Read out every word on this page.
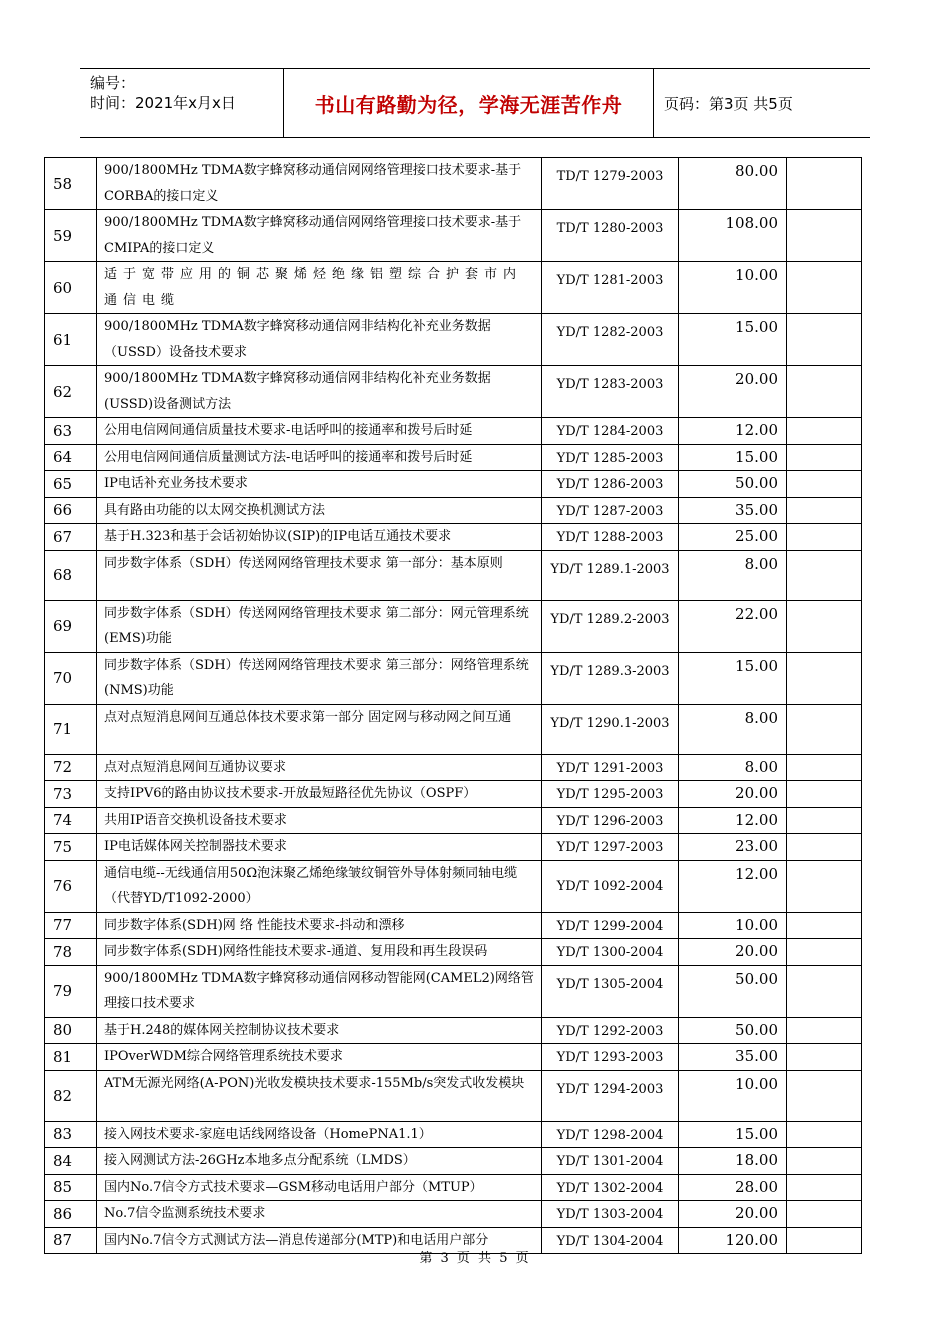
编号：
时间：2021年x月x日	书山有路勤为径，学海无涯苦作舟	页码：第3页 共5页
58	900/1800MHz TDMA数字蜂窝移动通信网网络管理接口技术要求-基于CORBA的接口定义	TD/T 1279-2003	80.00	
59	900/1800MHz TDMA数字蜂窝移动通信网网络管理接口技术要求-基于CMIPA的接口定义	TD/T 1280-2003	108.00	
60	适于宽带应用的铜芯聚烯烃绝缘铝塑综合护套市内通信电缆	YD/T 1281-2003	10.00	
61	900/1800MHz TDMA数字蜂窝移动通信网非结构化补充业务数据（USSD）设备技术要求	YD/T 1282-2003	15.00	
62	900/1800MHz TDMA数字蜂窝移动通信网非结构化补充业务数据(USSD)设备测试方法	YD/T 1283-2003	20.00	
63	公用电信网间通信质量技术要求-电话呼叫的接通率和拨号后时延	YD/T 1284-2003	12.00	
64	公用电信网间通信质量测试方法-电话呼叫的接通率和拨号后时延	YD/T 1285-2003	15.00	
65	IP电话补充业务技术要求	YD/T 1286-2003	50.00	
66	具有路由功能的以太网交换机测试方法	YD/T 1287-2003	35.00	
67	基于H.323和基于会话初始协议(SIP)的IP电话互通技术要求	YD/T 1288-2003	25.00	
68	同步数字体系（SDH）传送网网络管理技术要求 第一部分：基本原则	YD/T 1289.1-2003	8.00	
69	同步数字体系（SDH）传送网网络管理技术要求 第二部分：网元管理系统(EMS)功能	YD/T 1289.2-2003	22.00	
70	同步数字体系（SDH）传送网网络管理技术要求 第三部分：网络管理系统(NMS)功能	YD/T 1289.3-2003	15.00	
71	点对点短消息网间互通总体技术要求第一部分 固定网与移动网之间互通	YD/T 1290.1-2003	8.00	
72	点对点短消息网间互通协议要求	YD/T 1291-2003	8.00	
73	支持IPV6的路由协议技术要求-开放最短路径优先协议（OSPF）	YD/T 1295-2003	20.00	
74	共用IP语音交换机设备技术要求	YD/T 1296-2003	12.00	
75	IP电话媒体网关控制器技术要求	YD/T 1297-2003	23.00	
76	通信电缆--无线通信用50Ω泡沫聚乙烯绝缘皱纹铜管外导体射频同轴电缆（代替YD/T1092-2000）	YD/T 1092-2004	12.00	
77	同步数字体系(SDH)网 络 性能技术要求-抖动和漂移	YD/T 1299-2004	10.00	
78	同步数字体系(SDH)网络性能技术要求-通道、复用段和再生段误码	YD/T 1300-2004	20.00	
79	900/1800MHz TDMA数字蜂窝移动通信网移动智能网(CAMEL2)网络管理接口技术要求	YD/T 1305-2004	50.00	
80	基于H.248的媒体网关控制协议技术要求	YD/T 1292-2003	50.00	
81	IPOverWDM综合网络管理系统技术要求	YD/T 1293-2003	35.00	
82	ATM无源光网络(A-PON)光收发模块技术要求-155Mb/s突发式收发模块	YD/T 1294-2003	10.00	
83	接入网技术要求-家庭电话线网络设备（HomePNA1.1）	YD/T 1298-2004	15.00	
84	接入网测试方法-26GHz本地多点分配系统（LMDS）	YD/T 1301-2004	18.00	
85	国内No.7信令方式技术要求—GSM移动电话用户部分（MTUP）	YD/T 1302-2004	28.00	
86	No.7信令监测系统技术要求	YD/T 1303-2004	20.00	
87	国内No.7信令方式测试方法—消息传递部分(MTP)和电话用户部分	YD/T 1304-2004	120.00	
第 3 页 共 5 页
